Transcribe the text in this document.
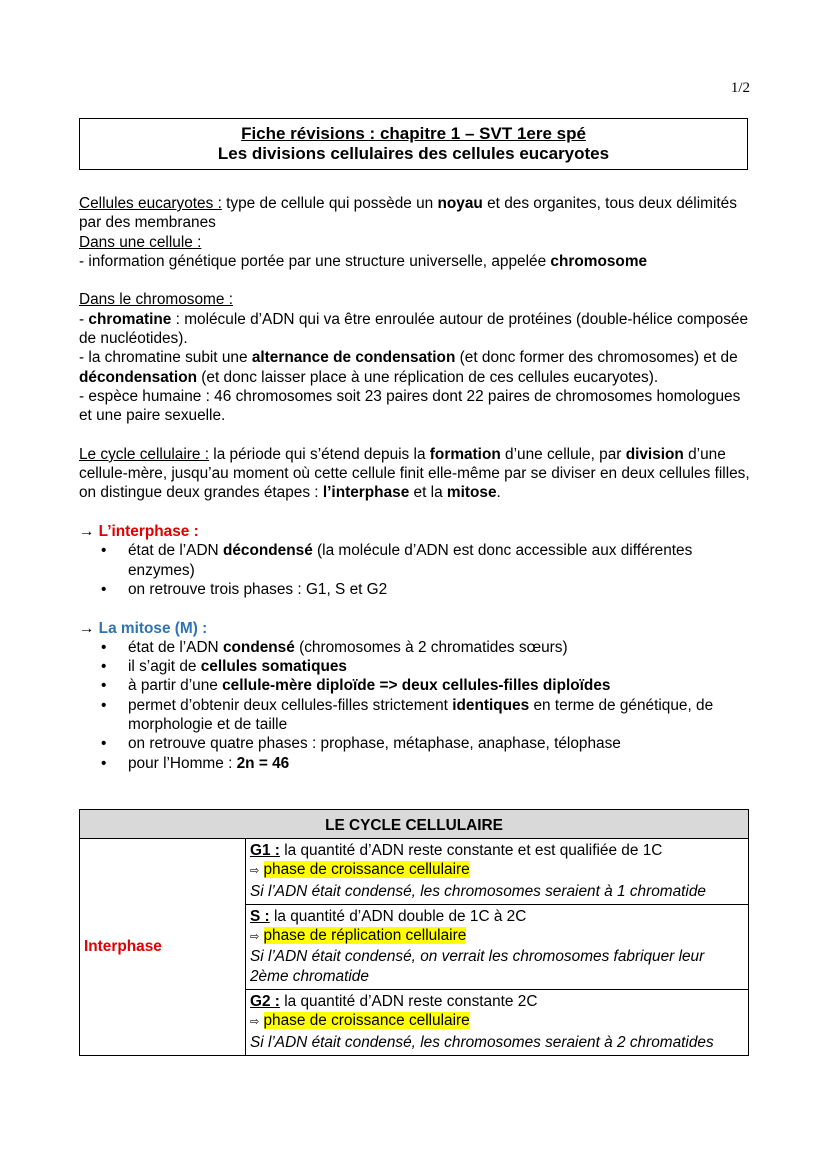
1/2
Fiche révisions : chapitre 1 – SVT 1ere spé
Les divisions cellulaires des cellules eucaryotes

Cellules eucaryotes : type de cellule qui possède un noyau et des organites, tous deux délimités par des membranes

Dans une cellule :

- information génétique portée par une structure universelle, appelée chromosome

Dans le chromosome :

- chromatine : molécule d’ADN qui va être enroulée autour de protéines (double-hélice composée de nucléotides).

- la chromatine subit une alternance de condensation (et donc former des chromosomes) et de décondensation (et donc laisser place à une réplication de ces cellules eucaryotes).

- espèce humaine : 46 chromosomes soit 23 paires dont 22 paires de chromosomes homologues et une paire sexuelle.

Le cycle cellulaire : la période qui s’étend depuis la formation d’une cellule, par division d’une cellule-mère, jusqu’au moment où cette cellule finit elle-même par se diviser en deux cellules filles, on distingue deux grandes étapes : l’interphase et la mitose.

→ L’interphase :

• état de l’ADN décondensé (la molécule d’ADN est donc accessible aux différentes enzymes)
• on retrouve trois phases : G1, S et G2

→ La mitose (M) :

• état de l’ADN condensé (chromosomes à 2 chromatides sœurs)
• il s’agit de cellules somatiques
• à partir d’une cellule-mère diploïde => deux cellules-filles diploïdes
• permet d’obtenir deux cellules-filles strictement identiques en terme de génétique, de morphologie et de taille
• on retrouve quatre phases : prophase, métaphase, anaphase, télophase
• pour l’Homme : 2n = 46
LE CYCLE CELLULAIRE
Interphase	
G1 : la quantité d’ADN reste constante et est qualifiée de 1C
⇨ phase de croissance cellulaire
Si l’ADN était condensé, les chromosomes seraient à 1 chromatide

S : la quantité d’ADN double de 1C à 2C
⇨ phase de réplication cellulaire
Si l’ADN était condensé, on verrait les chromosomes fabriquer leur 2ème chromatide

G2 : la quantité d’ADN reste constante 2C
⇨ phase de croissance cellulaire
Si l’ADN était condensé, les chromosomes seraient à 2 chromatides
